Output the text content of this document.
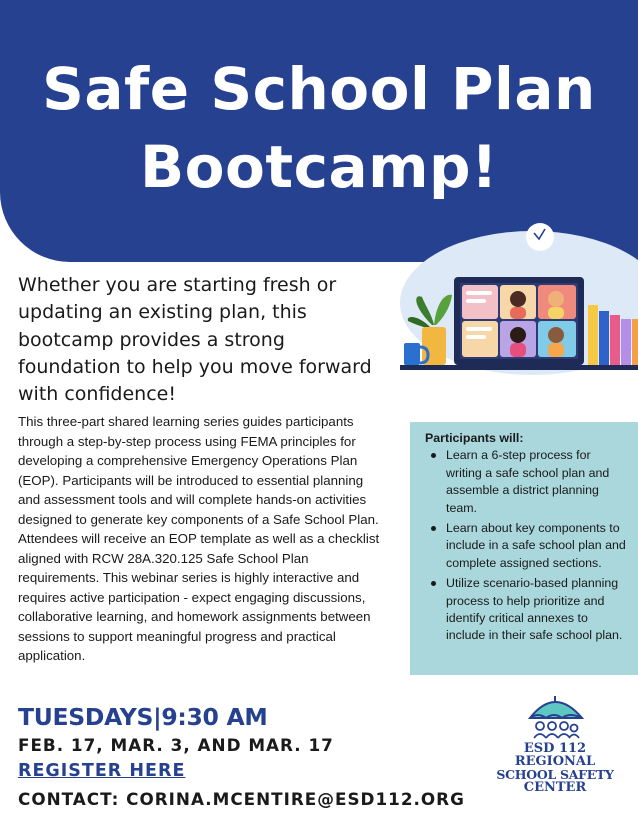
Safe School Plan
Bootcamp!
Whether you are starting fresh or updating an existing plan, this bootcamp provides a strong foundation to help you move forward with confidence!
This three-part shared learning series guides participants through a step-by-step process using FEMA principles for developing a comprehensive Emergency Operations Plan (EOP). Participants will be introduced to essential planning and assessment tools and will complete hands-on activities designed to generate key components of a Safe School Plan. Attendees will receive an EOP template as well as a checklist aligned with RCW 28A.320.125 Safe School Plan requirements. This webinar series is highly interactive and requires active participation - expect engaging discussions, collaborative learning, and homework assignments between sessions to support meaningful progress and practical application.
Participants will:
Learn a 6-step process for writing a safe school plan and assemble a district planning team.
Learn about key components to include in a safe school plan and complete assigned sections.
Utilize scenario-based planning process to help prioritize and identify critical annexes to include in their safe school plan.
TUESDAYS|9:30 AM
FEB. 17, MAR. 3, AND MAR. 17
REGISTER HERE
CONTACT: CORINA.MCENTIRE@ESD112.ORG
ESD 112
REGIONAL
SCHOOL SAFETY
CENTER
